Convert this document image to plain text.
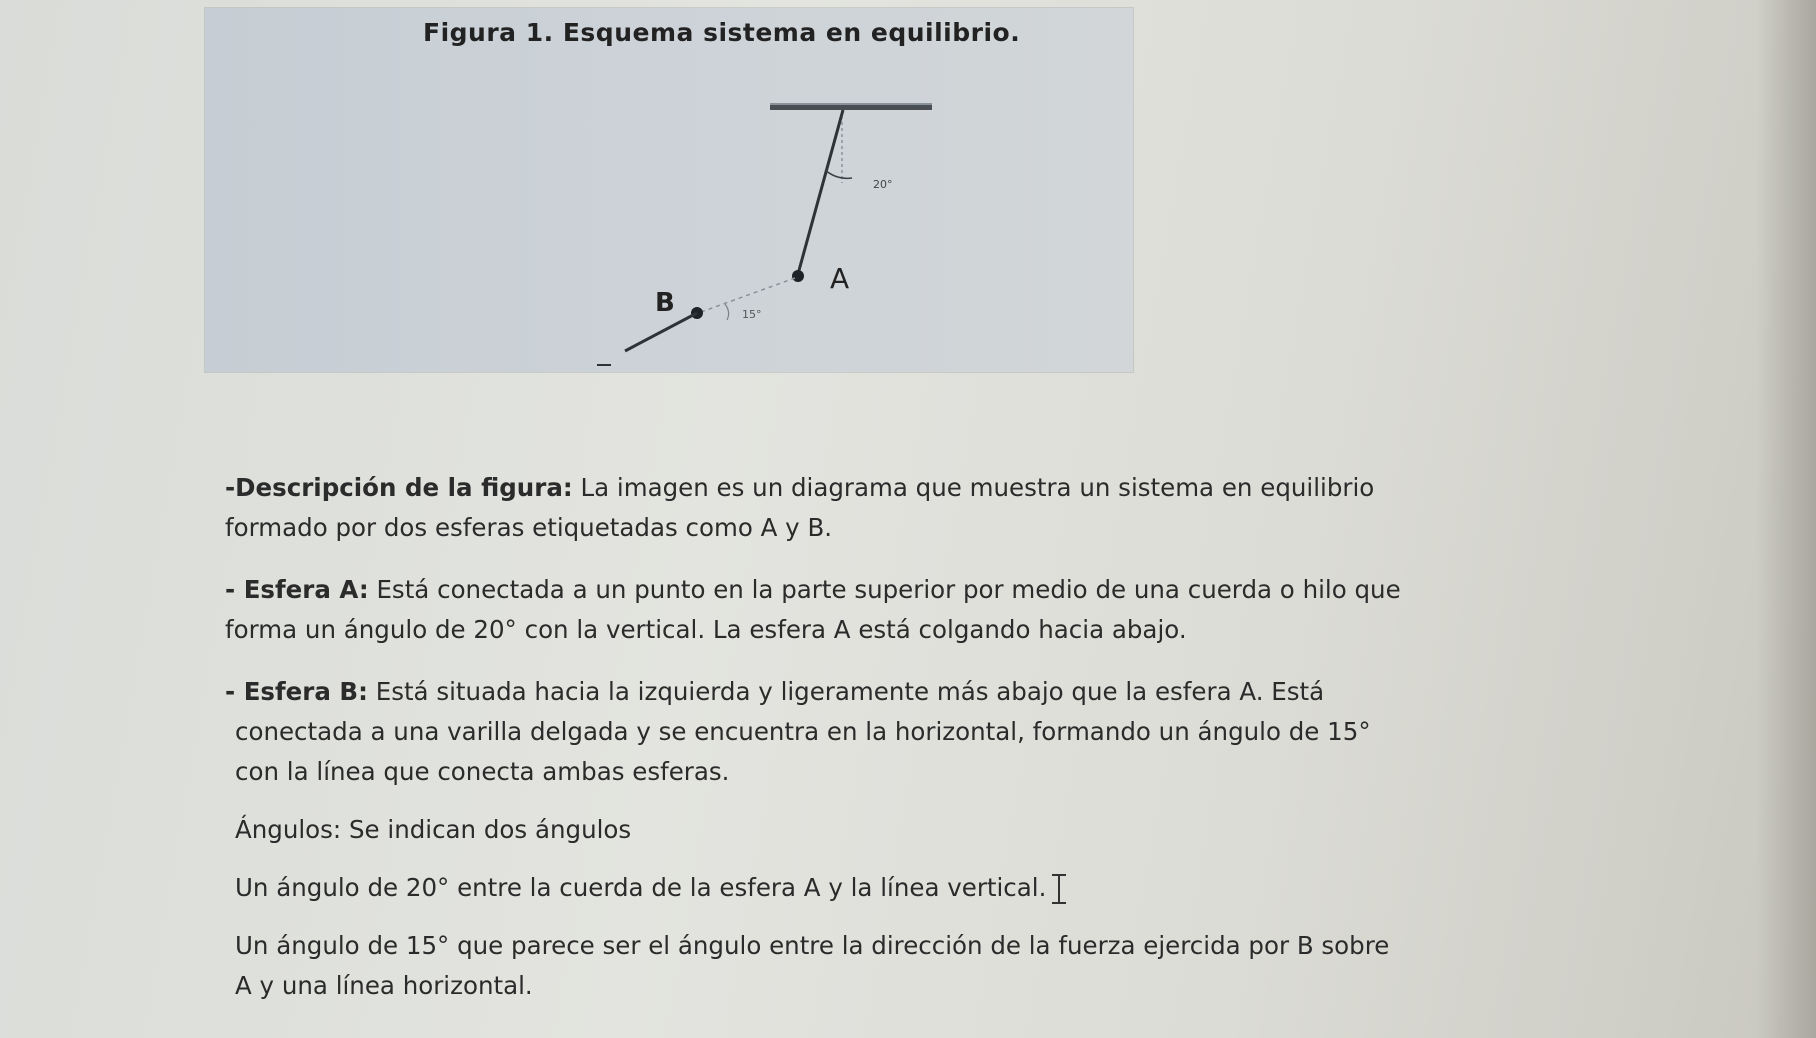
Figura 1. Esquema sistema en equilibrio.
A
B
20°
15°

-Descripción de la figura: La imagen es un diagrama que muestra un sistema en equilibrio

formado por dos esferas etiquetadas como A y B.

- Esfera A: Está conectada a un punto en la parte superior por medio de una cuerda o hilo que

forma un ángulo de 20° con la vertical. La esfera A está colgando hacia abajo.

- Esfera B: Está situada hacia la izquierda y ligeramente más abajo que la esfera A. Está

conectada a una varilla delgada y se encuentra en la horizontal, formando un ángulo de 15°

con la línea que conecta ambas esferas.

Ángulos: Se indican dos ángulos

Un ángulo de 20° entre la cuerda de la esfera A y la línea vertical.

Un ángulo de 15° que parece ser el ángulo entre la dirección de la fuerza ejercida por B sobre

A y una línea horizontal.
